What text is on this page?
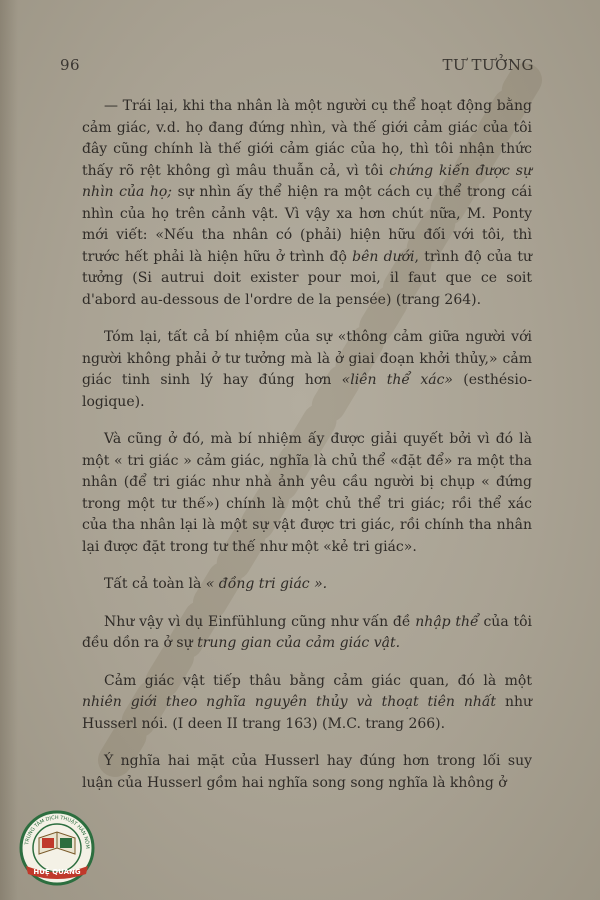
96	TƯ TƯỞNG

— Trái lại, khi tha nhân là một người cụ thể hoạt động bằng cảm giác, v.d. họ đang đứng nhìn, và thế giới cảm giác của tôi đây cũng chính là thế giới cảm giác của họ, thì tôi nhận thức thấy rõ rệt không gì mâu thuẫn cả, vì tôi chứng kiến được sự nhìn của họ; sự nhìn ấy thể hiện ra một cách cụ thể trong cái nhìn của họ trên cảnh vật. Vì vậy xa hơn chút nữa, M. Ponty mới viết: «Nếu tha nhân có (phải) hiện hữu đối với tôi, thì trước hết phải là hiện hữu ở trình độ bên dưới, trình độ của tư tưởng (Si autrui doit exister pour moi, il faut que ce soit d'abord au-dessous de l'ordre de la pensée) (trang 264).

Tóm lại, tất cả bí nhiệm của sự «thông cảm giữa người với người không phải ở tư tưởng mà là ở giai đoạn khởi thủy,» cảm giác tinh sinh lý hay đúng hơn «liên thể xác» (esthésio-logique).

Và cũng ở đó, mà bí nhiệm ấy được giải quyết bởi vì đó là một « tri giác » cảm giác, nghĩa là chủ thể «đặt để» ra một tha nhân (để tri giác như nhà ảnh yêu cầu người bị chụp « đứng trong một tư thế») chính là một chủ thể tri giác; rồi thể xác của tha nhân lại là một sự vật được tri giác, rồi chính tha nhân lại được đặt trong tư thế như một «kẻ tri giác».

Tất cả toàn là « đồng tri giác ».

Như vậy vì dụ Einfühlung cũng như vấn đề nhập thể của tôi đều dồn ra ở sự trung gian của cảm giác vật.

Cảm giác vật tiếp thâu bằng cảm giác quan, đó là một nhiên giới theo nghĩa nguyên thủy và thoạt tiên nhất như Husserl nói. (I deen II trang 163) (M.C. trang 266).

Ý nghĩa hai mặt của Husserl hay đúng hơn trong lối suy luận của Husserl gồm hai nghĩa song song nghĩa là không ở

HUỆ QUANG
TRUNG TÂM DỊCH THUẬT HÁN NÔM
